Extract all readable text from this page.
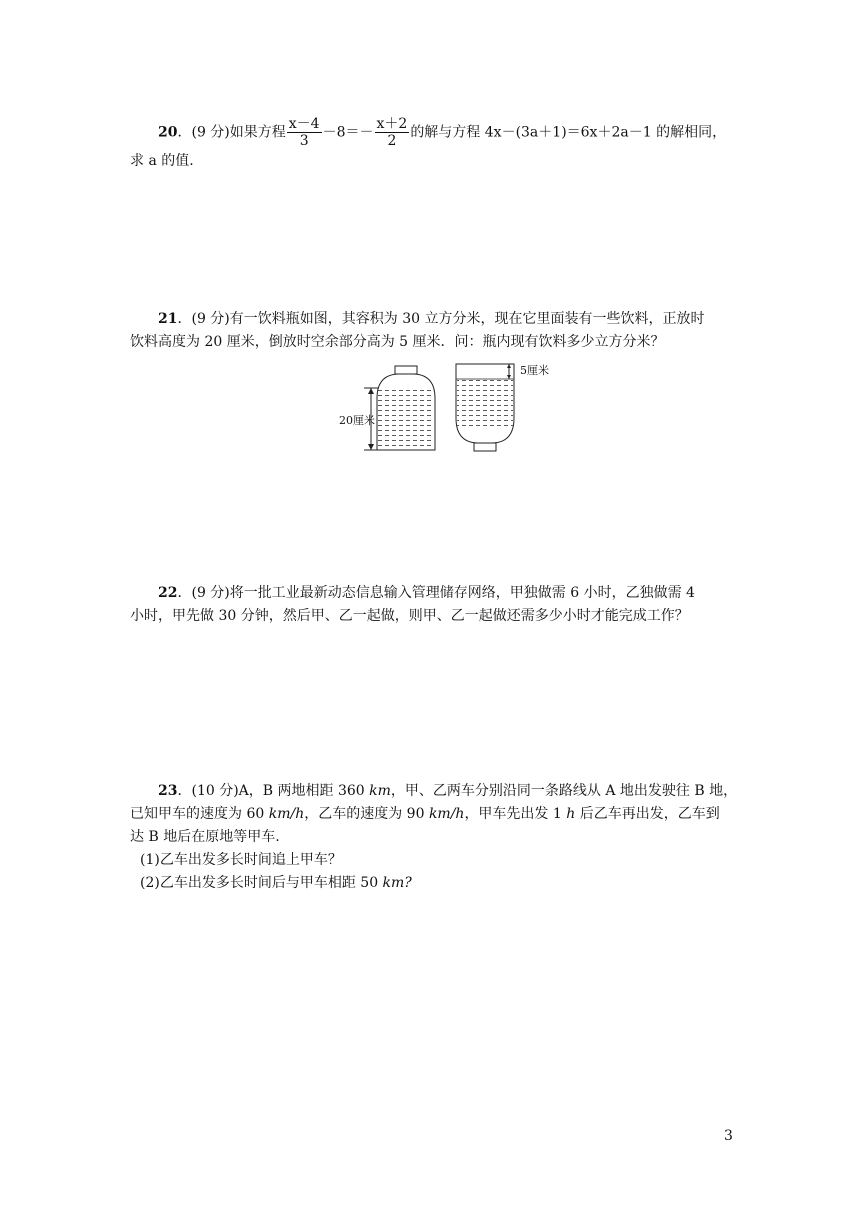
20．(9 分)如果方程 $\frac{x-4}{3} -8=- \frac{x+2}{2}$ 的解与方程 4x－(3a＋1)＝6x＋2a－1 的解相同，
求 a 的值.
21．(9 分)有一饮料瓶如图，其容积为 30 立方分米，现在它里面装有一些饮料，正放时
饮料高度为 20 厘米，倒放时空余部分高为 5 厘米．问：瓶内现有饮料多少立方分米？
20厘米
5厘米
22．(9 分)将一批工业最新动态信息输入管理储存网络，甲独做需 6 小时，乙独做需 4
小时，甲先做 30 分钟，然后甲、乙一起做，则甲、乙一起做还需多少小时才能完成工作？
23．(10 分)A，B 两地相距 360 km，甲、乙两车分别沿同一条路线从 A 地出发驶往 B 地，
已知甲车的速度为 60 km/h，乙车的速度为 90 km/h，甲车先出发 1 h 后乙车再出发，乙车到
达 B 地后在原地等甲车.
(1)乙车出发多长时间追上甲车？
(2)乙车出发多长时间后与甲车相距 50 km?
3
